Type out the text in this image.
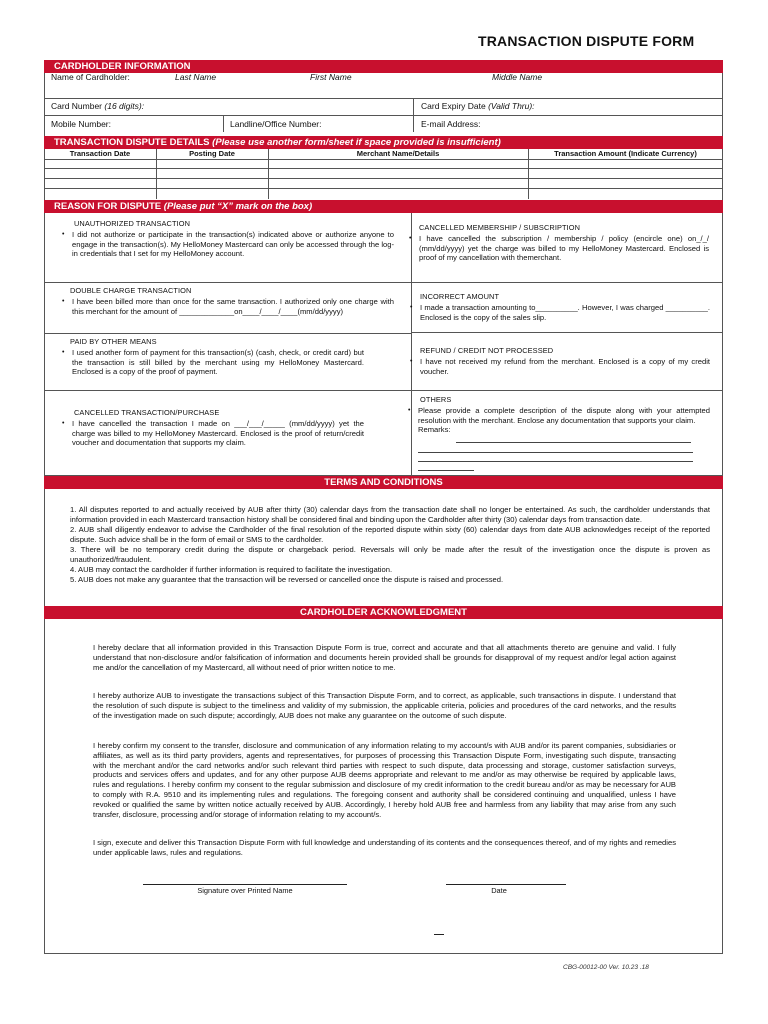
TRANSACTION DISPUTE FORM
CARDHOLDER INFORMATION
Name of Cardholder:	Last Name	First Name	Middle Name
Card Number (16 digits):	Card Expiry Date (Valid Thru):
Mobile Number:	Landline/Office Number:	E-mail Address:
TRANSACTION DISPUTE DETAILS (Please use another form/sheet if space provided is insufficient)
Transaction Date	Posting Date	Merchant Name/Details	Transaction Amount (Indicate Currency)
REASON FOR DISPUTE (Please put “X” mark on the box)
UNAUTHORIZED TRANSACTION
• I did not authorize or participate in the transaction(s) indicated above or authorize anyone to engage in the transaction(s). My HelloMoney Mastercard can only be accessed through the log-in credentials that I set for my HelloMoney account.
CANCELLED MEMBERSHIP / SUBSCRIPTION
• I have cancelled the subscription / membership / policy (encircle one) on_/_/ (mm/dd/yyyy) yet the charge was billed to my HelloMoney Mastercard. Enclosed is proof of my cancellation with themerchant.
DOUBLE CHARGE TRANSACTION
• I have been billed more than once for the same transaction. I authorized only one charge with this merchant for the amount of _____________on____/____/____(mm/dd/yyyy)
INCORRECT AMOUNT
• I made a transaction amounting to__________. However, I was charged __________. Enclosed is the copy of the sales slip.
PAID BY OTHER MEANS
• I used another form of payment for this transaction(s) (cash, check, or credit card) but the transaction is still billed by the merchant using my HelloMoney Mastercard. Enclosed is a copy of the proof of payment.
REFUND / CREDIT NOT PROCESSED
• I have not received my refund from the merchant. Enclosed is a copy of my credit voucher.
CANCELLED TRANSACTION/PURCHASE
• I have cancelled the transaction I made on ___/___/_____ (mm/dd/yyyy) yet the charge was billed to my HelloMoney Mastercard. Enclosed is the proof of return/credit voucher and documentation that supports my claim.
OTHERS
• Please provide a complete description of the dispute along with your attempted resolution with the merchant. Enclose any documentation that supports your claim.
Remarks:
TERMS AND CONDITIONS

1. All disputes reported to and actually received by AUB after thirty (30) calendar days from the transaction date shall no longer be entertained. As such, the cardholder understands that information provided in each Mastercard transaction history shall be considered final and binding upon the Cardholder after thirty (30) calendar days from transaction date.

2. AUB shall diligently endeavor to advise the Cardholder of the final resolution of the reported dispute within sixty (60) calendar days from date AUB acknowledges receipt of the reported dispute. Such advice shall be in the form of email or SMS to the cardholder.

3. There will be no temporary credit during the dispute or chargeback period. Reversals will only be made after the result of the investigation once the dispute is proven as unauthorized/fraudulent.

4. AUB may contact the cardholder if further information is required to facilitate the investigation.

5. AUB does not make any guarantee that the transaction will be reversed or cancelled once the dispute is raised and processed.

CARDHOLDER ACKNOWLEDGMENT
I hereby declare that all information provided in this Transaction Dispute Form is true, correct and accurate and that all attachments thereto are genuine and valid. I fully understand that non-disclosure and/or falsification of information and documents herein provided shall be grounds for disapproval of my request and/or legal action against me and/or the cancellation of my Mastercard, all without need of prior written notice to me.
I hereby authorize AUB to investigate the transactions subject of this Transaction Dispute Form, and to correct, as applicable, such transactions in dispute. I understand that the resolution of such dispute is subject to the timeliness and validity of my submission, the applicable criteria, policies and procedures of the card networks, and the results of the investigation made on such dispute; accordingly, AUB does not make any guarantee on the outcome of such dispute.
I hereby confirm my consent to the transfer, disclosure and communication of any information relating to my account/s with AUB and/or its parent companies, subsidiaries or affiliates, as well as its third party providers, agents and representatives, for purposes of processing this Transaction Dispute Form, investigating such dispute, transacting with the merchant and/or the card networks and/or such relevant third parties with respect to such dispute, data processing and storage, customer satisfaction surveys, products and services offers and updates, and for any other purpose AUB deems appropriate and relevant to me and/or as may otherwise be required by applicable laws, rules and regulations. I hereby confirm my consent to the regular submission and disclosure of my credit information to the credit bureau and/or as may be necessary for AUB to comply with R.A. 9510 and its implementing rules and regulations. The foregoing consent and authority shall be considered continuing and unqualified, unless I have revoked or qualified the same by written notice actually received by AUB. Accordingly, I hereby hold AUB free and harmless from any liability that may arise from any such transfer, disclosure, processing and/or storage of information relating to my account/s.
I sign, execute and deliver this Transaction Dispute Form with full knowledge and understanding of its contents and the consequences thereof, and of my rights and remedies under applicable laws, rules and regulations.
Signature over Printed Name	Date
CBG-00012-00 Ver. 10.23 .18
